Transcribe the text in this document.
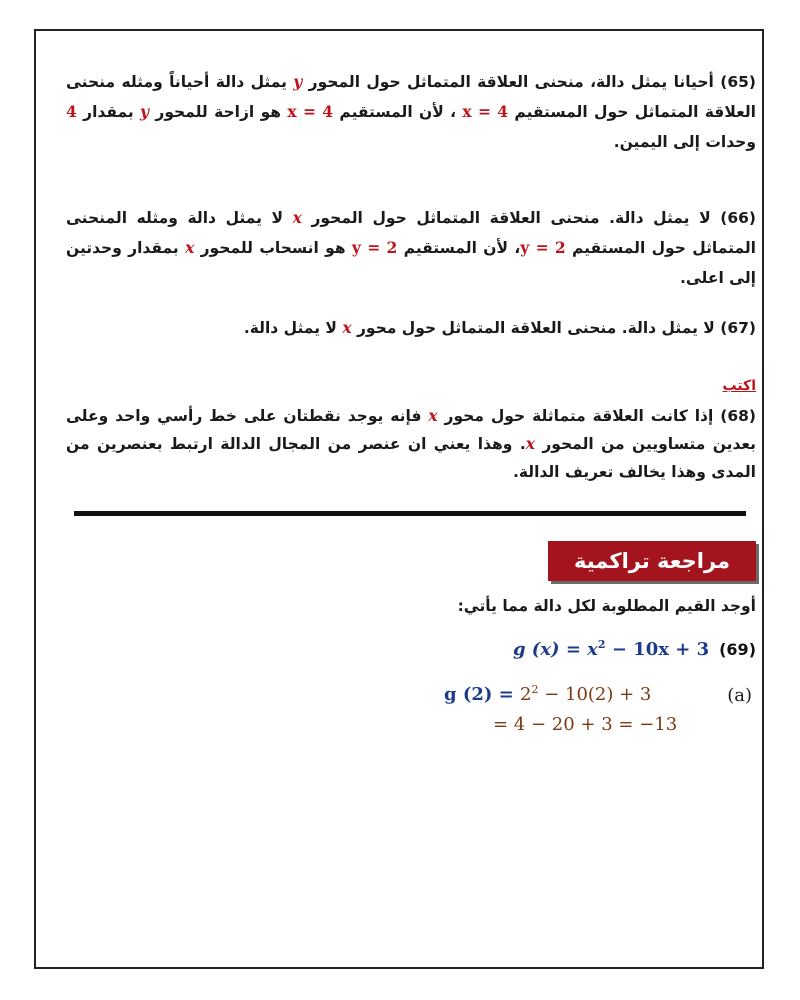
(65) أحيانا يمثل دالة، منحنى العلاقة المتماثل حول المحور y يمثل دالة أحياناً ومثله منحنى العلاقة المتماثل حول المستقيم x = 4 ، لأن المستقيم x = 4 هو ازاحة للمحور y بمقدار 4 وحدات إلى اليمين.
(66) لا يمثل دالة. منحنى العلاقة المتماثل حول المحور x لا يمثل دالة ومثله المنحنى المتماثل حول المستقيم y = 2، لأن المستقيم y = 2 هو انسحاب للمحور x بمقدار وحدتين إلى اعلى.
(67) لا يمثل دالة. منحنى العلاقة المتماثل حول محور x لا يمثل دالة.
اكتب
(68) إذا كانت العلاقة متماثلة حول محور x فإنه يوجد نقطتان على خط رأسي واحد وعلى بعدين متساويين من المحور x. وهذا يعني ان عنصر من المجال الدالة ارتبط بعنصرين من المدى وهذا يخالف تعريف الدالة.
مراجعة تراكمية
أوجد القيم المطلوبة لكل دالة مما يأتي:
g $(x) = x^2 - 10x + 3$ (69)
(a)
g $(2) = 2^2 - 10(2) + 3$
= 4 − 20 + 3 = −13
